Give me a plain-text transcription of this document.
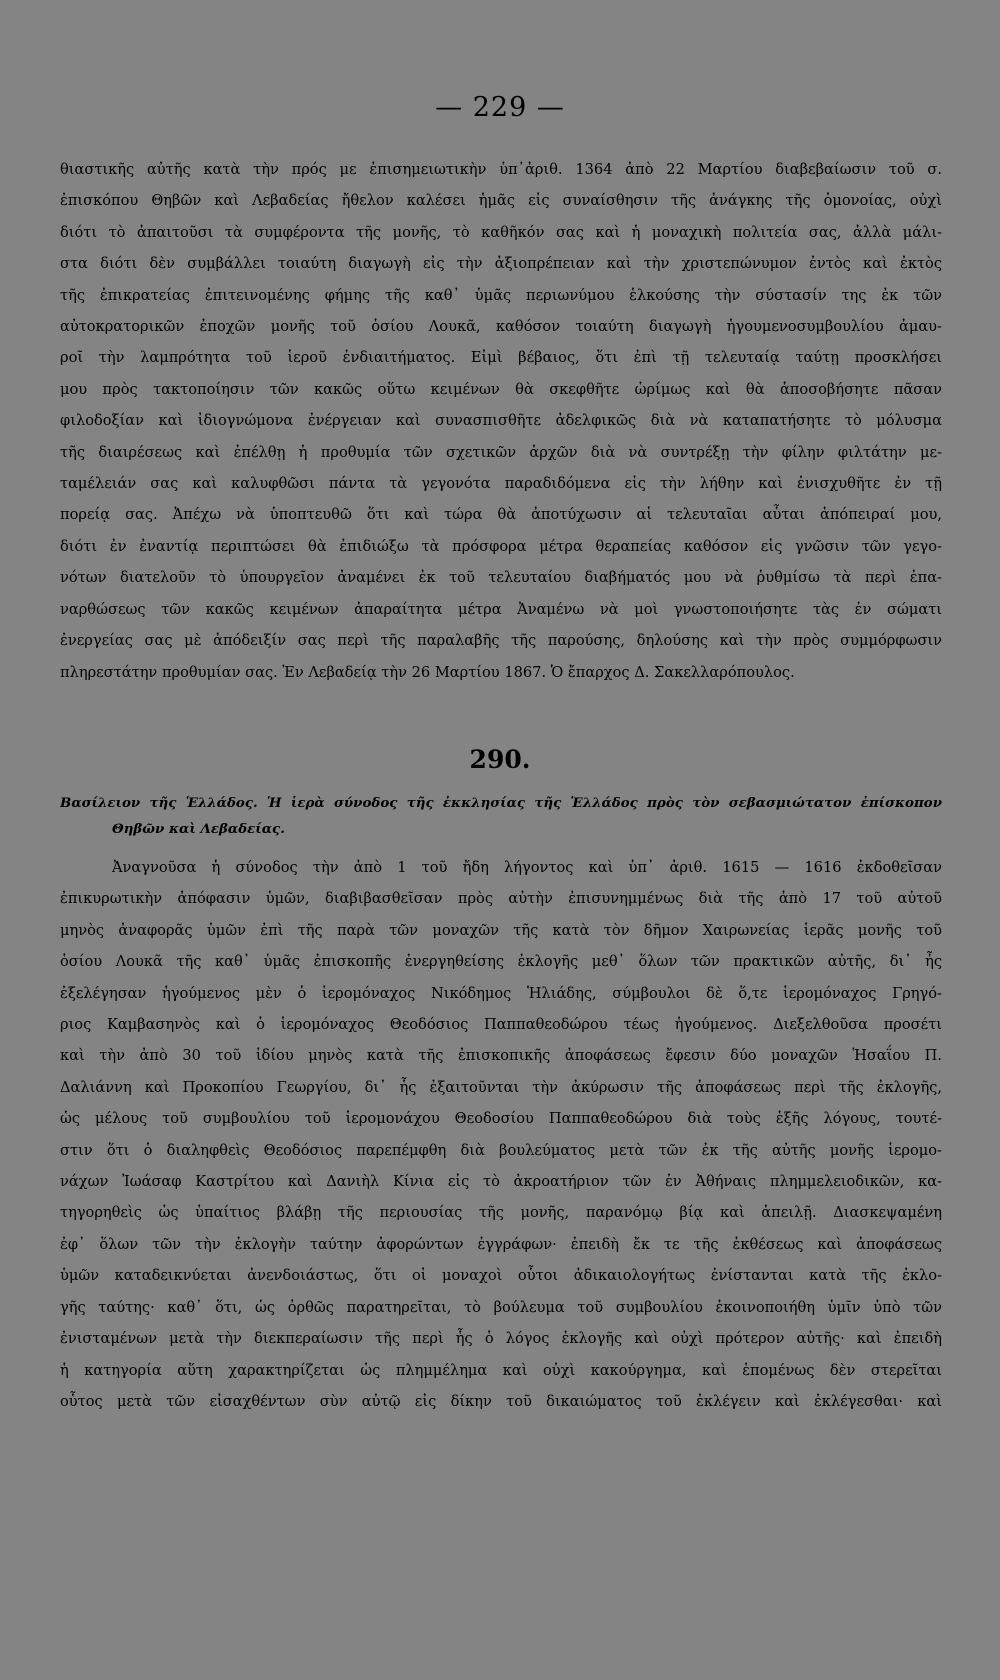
— 229 —
θιαστικῆς αὐτῆς κατὰ τὴν πρός με ἐπισημειωτικὴν ὑπ᾽ἀριθ. 1364 ἀπὸ 22 Μαρτίου διαβεβαίωσιν τοῦ σ.
ἐπισκόπου Θηβῶν καὶ Λεβαδείας ἤθελον καλέσει ἡμᾶς εἰς συναίσθησιν τῆς ἀνάγκης τῆς ὁμονοίας, οὐχὶ
διότι τὸ ἀπαιτοῦσι τὰ συμφέροντα τῆς μονῆς, τὸ καθῆκόν σας καὶ ἡ μοναχικὴ πολιτεία σας, ἀλλὰ μάλι-
στα διότι δὲν συμβάλλει τοιαύτη διαγωγὴ εἰς τὴν ἀξιοπρέπειαν καὶ τὴν χριστεπώνυμον ἐντὸς καὶ ἐκτὸς
τῆς ἐπικρατείας ἐπιτεινομένης φήμης τῆς καθ᾽ ὑμᾶς περιωνύμου ἑλκούσης τὴν σύστασίν της ἐκ τῶν
αὐτοκρατορικῶν ἐποχῶν μονῆς τοῦ ὁσίου Λουκᾶ, καθόσον τοιαύτη διαγωγὴ ἡγουμενοσυμβουλίου ἀμαυ-
ροῖ τὴν λαμπρότητα τοῦ ἱεροῦ ἐνδιαιτήματος. Εἰμὶ βέβαιος, ὅτι ἐπὶ τῇ τελευταίᾳ ταύτῃ προσκλήσει
μου πρὸς τακτοποίησιν τῶν κακῶς οὕτω κειμένων θὰ σκεφθῆτε ὡρίμως καὶ θὰ ἀποσοβήσητε πᾶσαν
φιλοδοξίαν καὶ ἰδιογνώμονα ἐνέργειαν καὶ συνασπισθῆτε ἀδελφικῶς διὰ νὰ καταπατήσητε τὸ μόλυσμα
τῆς διαιρέσεως καὶ ἐπέλθῃ ἡ προθυμία τῶν σχετικῶν ἀρχῶν διὰ νὰ συντρέξῃ τὴν φίλην φιλτάτην με-
ταμέλειάν σας καὶ καλυφθῶσι πάντα τὰ γεγονότα παραδιδόμενα εἰς τὴν λήθην καὶ ἐνισχυθῆτε ἐν τῇ
πορείᾳ σας. Ἀπέχω νὰ ὑποπτευθῶ ὅτι καὶ τώρα θὰ ἀποτύχωσιν αἱ τελευταῖαι αὗται ἀπόπειραί μου,
διότι ἐν ἐναντίᾳ περιπτώσει θὰ ἐπιδιώξω τὰ πρόσφορα μέτρα θεραπείας καθόσον εἰς γνῶσιν τῶν γεγο-
νότων διατελοῦν τὸ ὑπουργεῖον ἀναμένει ἐκ τοῦ τελευταίου διαβήματός μου νὰ ῥυθμίσω τὰ περὶ ἐπα-
ναρθώσεως τῶν κακῶς κειμένων ἀπαραίτητα μέτρα Ἀναμένω νὰ μοὶ γνωστοποιήσητε τὰς ἐν σώματι
ἐνεργείας σας μὲ ἀπόδειξίν σας περὶ τῆς παραλαβῆς τῆς παρούσης, δηλούσης καὶ τὴν πρὸς συμμόρφωσιν
πληρεστάτην προθυμίαν σας. Ἐν Λεβαδείᾳ τὴν 26 Μαρτίου 1867. Ὁ ἔπαρχος Δ. Σακελλαρόπουλος.
290.
Βασίλειον τῆς Ἑλλάδος. Ἡ ἱερὰ σύνοδος τῆς ἐκκλησίας τῆς Ἑλλάδος πρὸς τὸν σεβασμιώτατον ἐπίσκοπον
Θηβῶν καὶ Λεβαδείας.
Ἀναγνοῦσα ἡ σύνοδος τὴν ἀπὸ 1 τοῦ ἤδη λήγοντος καὶ ὑπ᾽ ἀριθ. 1615 — 1616 ἐκδοθεῖσαν
ἐπικυρωτικὴν ἀπόφασιν ὑμῶν, διαβιβασθεῖσαν πρὸς αὐτὴν ἐπισυνημμένως διὰ τῆς ἀπὸ 17 τοῦ αὐτοῦ
μηνὸς ἀναφορᾶς ὑμῶν ἐπὶ τῆς παρὰ τῶν μοναχῶν τῆς κατὰ τὸν δῆμον Χαιρωνείας ἱερᾶς μονῆς τοῦ
ὁσίου Λουκᾶ τῆς καθ᾽ ὑμᾶς ἐπισκοπῆς ἐνεργηθείσης ἐκλογῆς μεθ᾽ ὅλων τῶν πρακτικῶν αὐτῆς, δι᾽ ἧς
ἐξελέγησαν ἡγούμενος μὲν ὁ ἱερομόναχος Νικόδημος Ἡλιάδης, σύμβουλοι δὲ ὅ,τε ἱερομόναχος Γρηγό-
ριος Καμβασηνὸς καὶ ὁ ἱερομόναχος Θεοδόσιος Παππαθεοδώρου τέως ἡγούμενος. Διεξελθοῦσα προσέτι
καὶ τὴν ἀπὸ 30 τοῦ ἰδίου μηνὸς κατὰ τῆς ἐπισκοπικῆς ἀποφάσεως ἔφεσιν δύο μοναχῶν Ἡσαΐου Π.
Δαλιάννη καὶ Προκοπίου Γεωργίου, δι᾽ ἧς ἐξαιτοῦνται τὴν ἀκύρωσιν τῆς ἀποφάσεως περὶ τῆς ἐκλογῆς,
ὡς μέλους τοῦ συμβουλίου τοῦ ἱερομονάχου Θεοδοσίου Παππαθεοδώρου διὰ τοὺς ἑξῆς λόγους, τουτέ-
στιν ὅτι ὁ διαληφθεὶς Θεοδόσιος παρεπέμφθη διὰ βουλεύματος μετὰ τῶν ἐκ τῆς αὐτῆς μονῆς ἱερομο-
νάχων Ἰωάσαφ Καστρίτου καὶ Δανιὴλ Κίνια εἰς τὸ ἀκροατήριον τῶν ἐν Ἀθήναις πλημμελειοδικῶν, κα-
τηγορηθεὶς ὡς ὑπαίτιος βλάβῃ τῆς περιουσίας τῆς μονῆς, παρανόμῳ βίᾳ καὶ ἀπειλῇ. Διασκεψαμένη
ἐφ᾽ ὅλων τῶν τὴν ἐκλογὴν ταύτην ἀφορώντων ἐγγράφων· ἐπειδὴ ἔκ τε τῆς ἐκθέσεως καὶ ἀποφάσεως
ὑμῶν καταδεικνύεται ἀνενδοιάστως, ὅτι οἱ μοναχοὶ οὗτοι ἀδικαιολογήτως ἐνίστανται κατὰ τῆς ἐκλο-
γῆς ταύτης· καθ᾽ ὅτι, ὡς ὀρθῶς παρατηρεῖται, τὸ βούλευμα τοῦ συμβουλίου ἐκοινοποιήθη ὑμῖν ὑπὸ τῶν
ἐνισταμένων μετὰ τὴν διεκπεραίωσιν τῆς περὶ ἧς ὁ λόγος ἐκλογῆς καὶ οὐχὶ πρότερον αὐτῆς· καὶ ἐπειδὴ
ἡ κατηγορία αὕτη χαρακτηρίζεται ὡς πλημμέλημα καὶ οὐχὶ κακούργημα, καὶ ἑπομένως δὲν στερεῖται
οὗτος μετὰ τῶν εἰσαχθέντων σὺν αὐτῷ εἰς δίκην τοῦ δικαιώματος τοῦ ἐκλέγειν καὶ ἐκλέγεσθαι· καὶ
